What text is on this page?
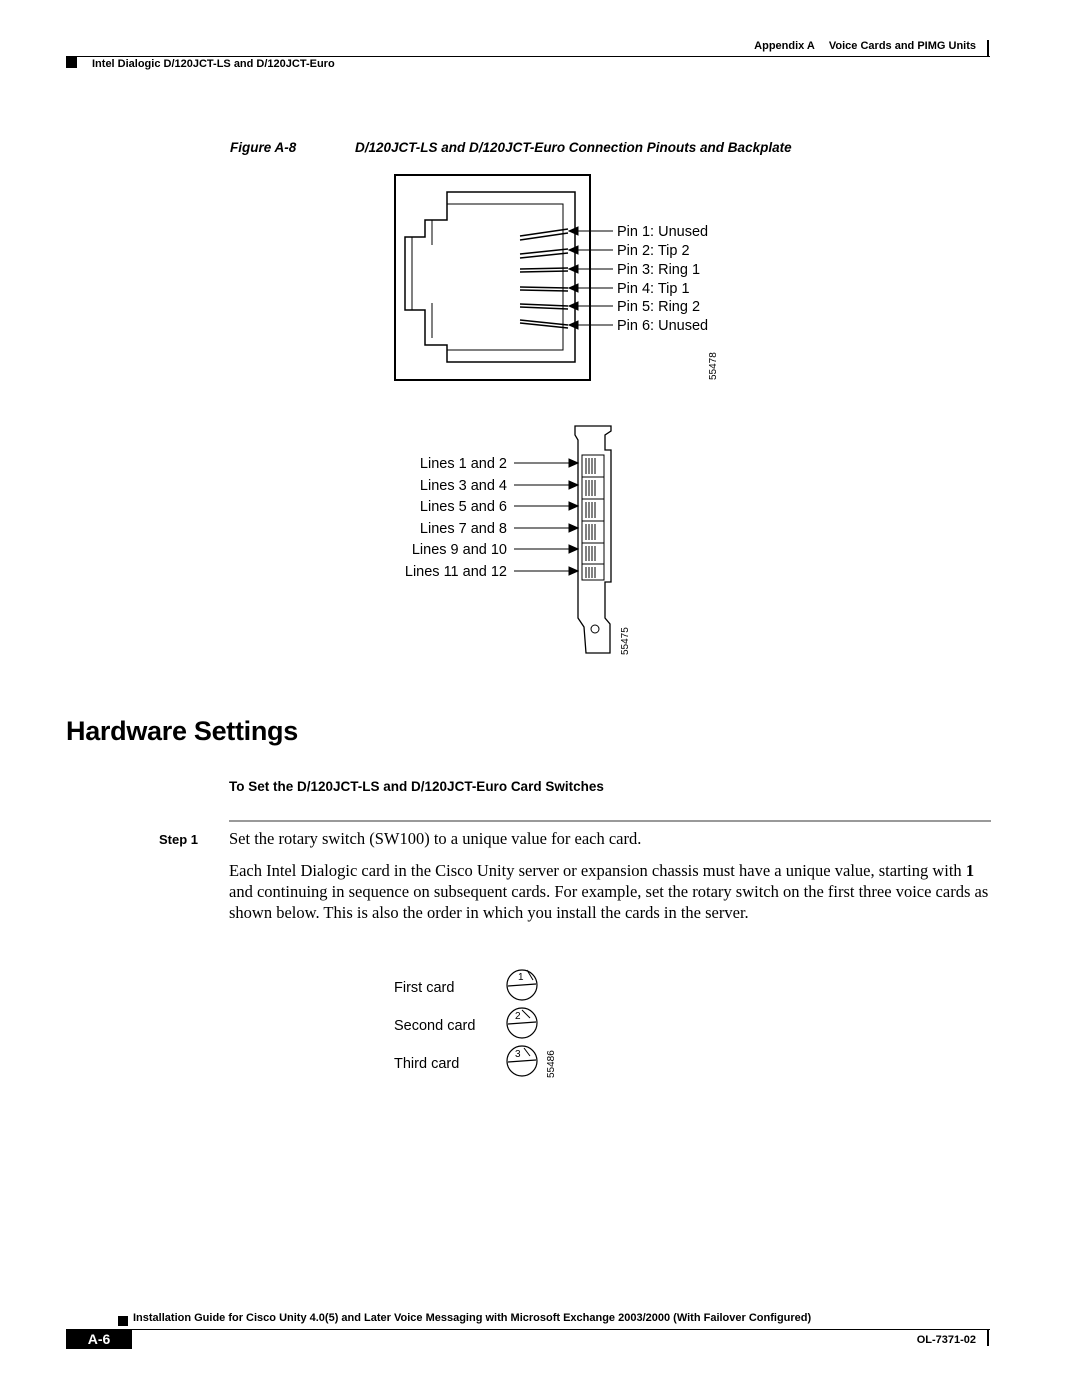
Appendix A Voice Cards and PIMG Units
Intel Dialogic D/120JCT-LS and D/120JCT-Euro
Figure A-8	D/120JCT-LS and D/120JCT-Euro Connection Pinouts and Backplate
Pin 1: Unused
Pin 2: Tip 2
Pin 3: Ring 1
Pin 4: Tip 1
Pin 5: Ring 2
Pin 6: Unused
55478
Lines 1 and 2
Lines 3 and 4
Lines 5 and 6
Lines 7 and 8
Lines 9 and 10
Lines 11 and 12
55475
First card
Second card
Third card
1
2
3	55486
Hardware Settings
To Set the D/120JCT-LS and D/120JCT-Euro Card Switches
Step 1 Set the rotary switch (SW100) to a unique value for each card.
Each Intel Dialogic card in the Cisco Unity server or expansion chassis must have a unique value, starting with 1 and continuing in sequence on subsequent cards. For example, set the rotary switch on the first three voice cards as shown below. This is also the order in which you install the cards in the server.
Installation Guide for Cisco Unity 4.0(5) and Later Voice Messaging with Microsoft Exchange 2003/2000 (With Failover Configured)
A-6	OL-7371-02
